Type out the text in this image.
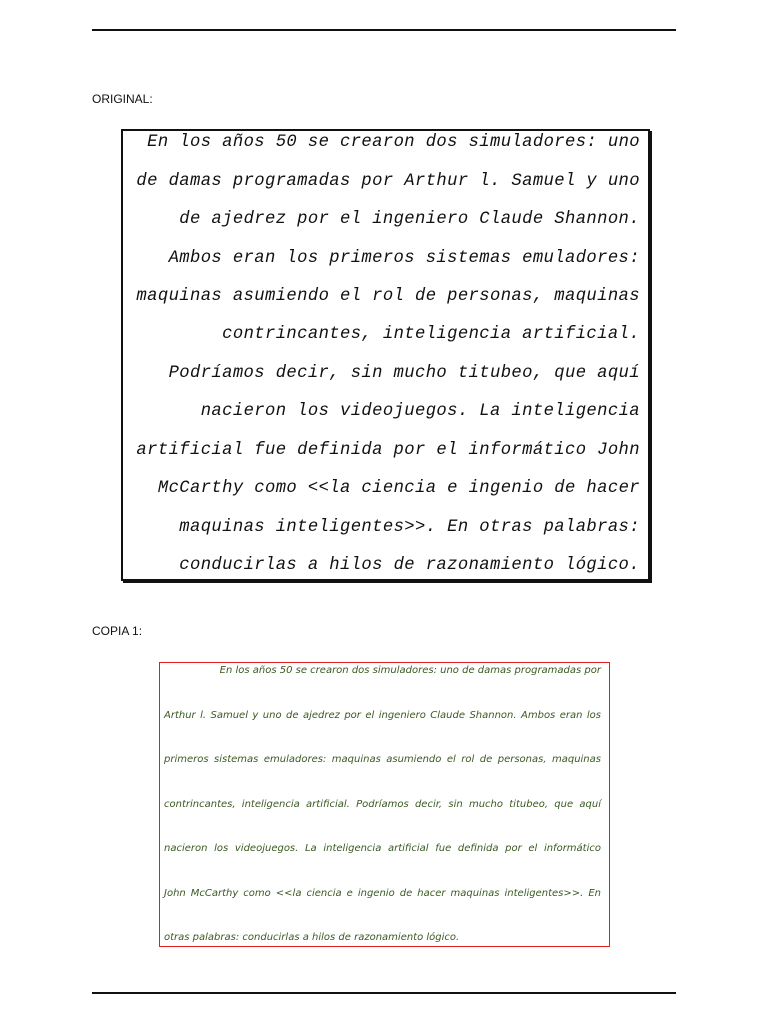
ORIGINAL:
En los años 50 se crearon dos simuladores: uno
de damas programadas por Arthur l. Samuel y uno
de ajedrez por el ingeniero Claude Shannon.
Ambos eran los primeros sistemas emuladores:
maquinas asumiendo el rol de personas, maquinas
contrincantes, inteligencia artificial.
Podríamos decir, sin mucho titubeo, que aquí
nacieron los videojuegos. La inteligencia
artificial fue definida por el informático John
McCarthy como <<la ciencia e ingenio de hacer
maquinas inteligentes>>. En otras palabras:
conducirlas a hilos de razonamiento lógico.
COPIA 1:
En los años 50 se crearon dos simuladores: uno de damas programadas por
Arthur l. Samuel y uno de ajedrez por el ingeniero Claude Shannon. Ambos eran los
primeros sistemas emuladores: maquinas asumiendo el rol de personas, maquinas
contrincantes, inteligencia artificial. Podríamos decir, sin mucho titubeo, que aquí
nacieron los videojuegos. La inteligencia artificial fue definida por el informático
John McCarthy como <<la ciencia e ingenio de hacer maquinas inteligentes>>. En
otras palabras: conducirlas a hilos de razonamiento lógico.
